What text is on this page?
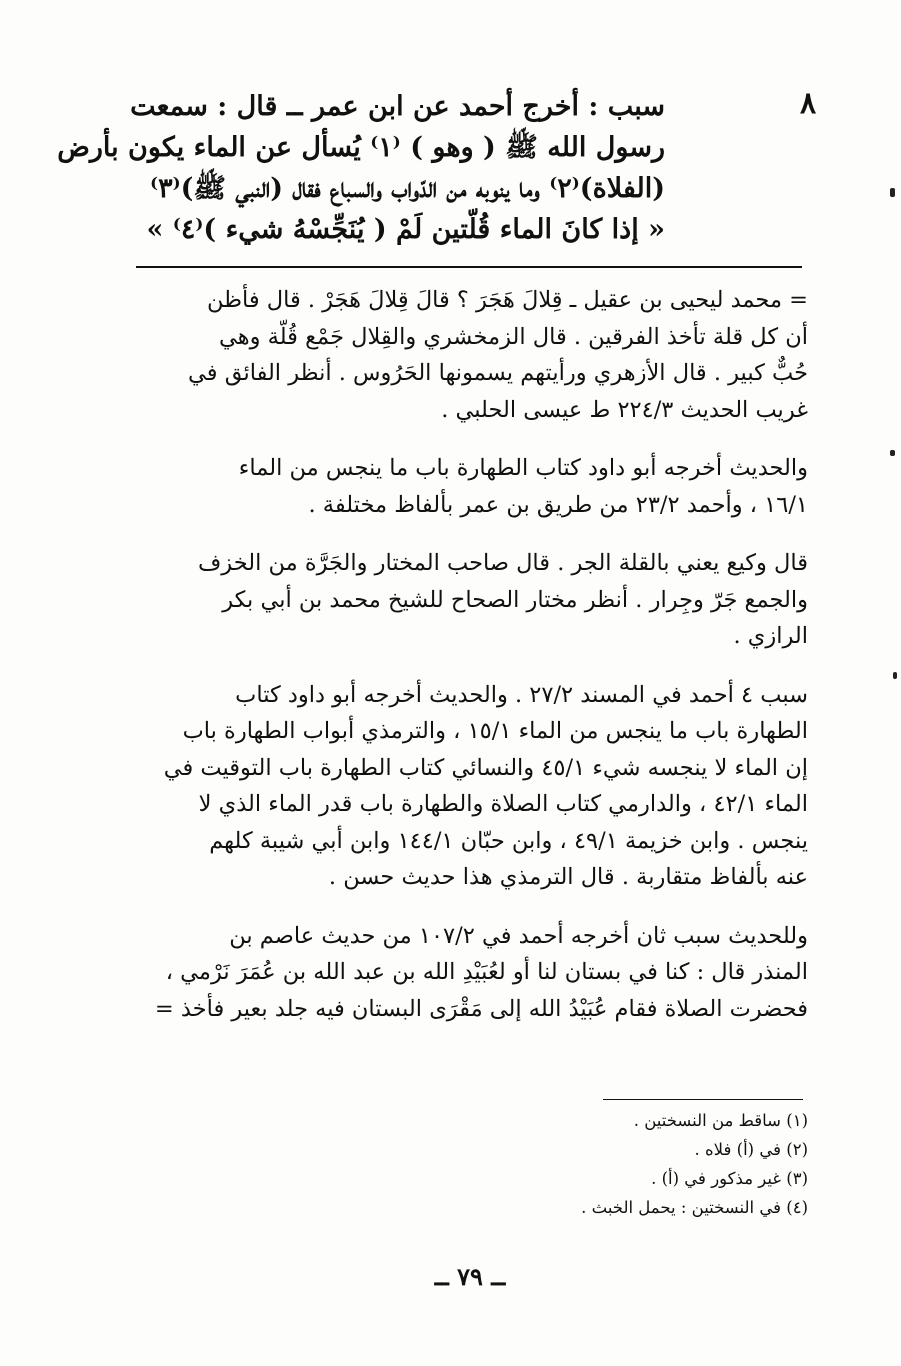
٨
سبب : أخرج أحمد عن ابن عمر ــ قال : سمعت
رسول الله ﷺ ( وهو ) ⁽١⁾ يُسأل عن الماء يكون بأرض
(الفلاة)⁽٢⁾ وما ينوبه من الدّواب والسباع فقال (النبي ﷺ)⁽٣⁾
« إذا كانَ الماء قُلّتين لَمْ ( يُنَجِّسْهُ شيء )⁽٤⁾ »
= محمد ليحيى بن عقيل ـ قِلالَ هَجَرَ ؟ قالَ قِلالَ هَجَرْ . قال فأظن
أن كل قلة تأخذ الفرقين . قال الزمخشري والقِلال جَمْع قُلّة وهي
حُبٌّ كبير . قال الأزهري ورأيتهم يسمونها الحَرُوس . أنظر الفائق في
غريب الحديث ٢٢٤/٣ ط عيسى الحلبي .
والحديث أخرجه أبو داود كتاب الطهارة باب ما ينجس من الماء
١٦/١ ، وأحمد ٢٣/٢ من طريق بن عمر بألفاظ مختلفة .
قال وكيع يعني بالقلة الجر . قال صاحب المختار والجَرَّة من الخزف
والجمع جَرّ وجِرار . أنظر مختار الصحاح للشيخ محمد بن أبي بكر
الرازي .
سبب ٤ أحمد في المسند ٢٧/٢ . والحديث أخرجه أبو داود كتاب
الطهارة باب ما ينجس من الماء ١٥/١ ، والترمذي أبواب الطهارة باب
إن الماء لا ينجسه شيء ٤٥/١ والنسائي كتاب الطهارة باب التوقيت في
الماء ٤٢/١ ، والدارمي كتاب الصلاة والطهارة باب قدر الماء الذي لا
ينجس . وابن خزيمة ٤٩/١ ، وابن حبّان ١٤٤/١ وابن أبي شيبة كلهم
عنه بألفاظ متقاربة . قال الترمذي هذا حديث حسن .
وللحديث سبب ثان أخرجه أحمد في ١٠٧/٢ من حديث عاصم بن
المنذر قال : كنا في بستان لنا أو لعُبَيْدِ الله بن عبد الله بن عُمَرَ نَرْمي ،
فحضرت الصلاة فقام عُبَيْدُ الله إلى مَقْرَى البستان فيه جلد بعير فأخذ =
(١) ساقط من النسختين .
(٢) في (أ) فلاه .
(٣) غير مذكور في (أ) .
(٤) في النسختين : يحمل الخبث .
ــ ٧٩ ــ
